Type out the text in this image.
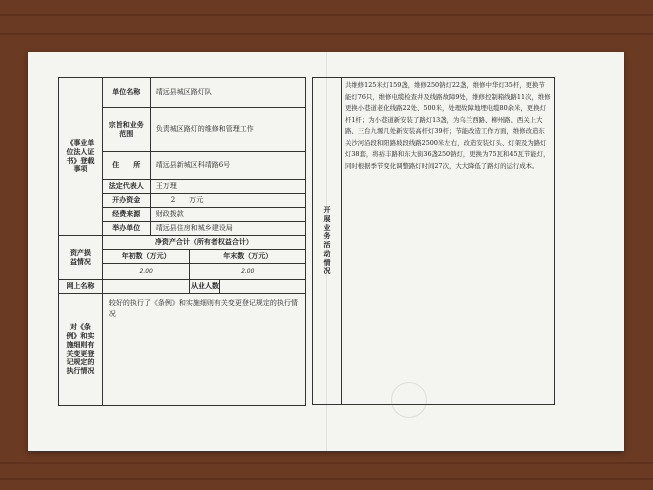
《事业单位法人证书》登载事项	单位名称	靖远县城区路灯队		
	宗旨和业务范围	负责城区路灯的维修和管理工作		
	住　　所	靖远县新城区科靖路6号		
	法定代表人	王万理		
	开办资金	2　　万元		
	经费来源	财政拨款		
	举办单位	靖远县住房和城乡建设局		
资产损益情况	净资产合计（所有者权益合计）			
	年初数（万元）		年末数（万元）	
	2.00		2.00	
网上名称			从业人数	
对《条例》和实施细则有关变更登记规定的执行情况	较好的执行了《条例》和实施细则有关变更登记规定的执行情况			
开展业务活动情况	
共维修125米灯159盏，维修250钠灯22盏，维修中华灯35杆，更换节能灯76只，维修电缆检查井及线路故障9处，维修控制箱线路11次，维修更换小巷道老化线路22处、500米，处理故障地埋电缆80余米，更换灯杆1杆；为小巷道新安装了路灯13盏，为乌兰西路、柳州路、西关上大路、三台九塬几处新安装高杆灯39杆；节能改造工作方面，维修改造东关沙河沿段和阳路坡段线路2500米左右，改造安装灯头、灯架及为路灯灯38套，将裕丰路和东大街36盏250钠灯，更换为75瓦和45瓦节能灯，同时根据季节变化调整路灯时间27次，大大降低了路灯的运行成本。
